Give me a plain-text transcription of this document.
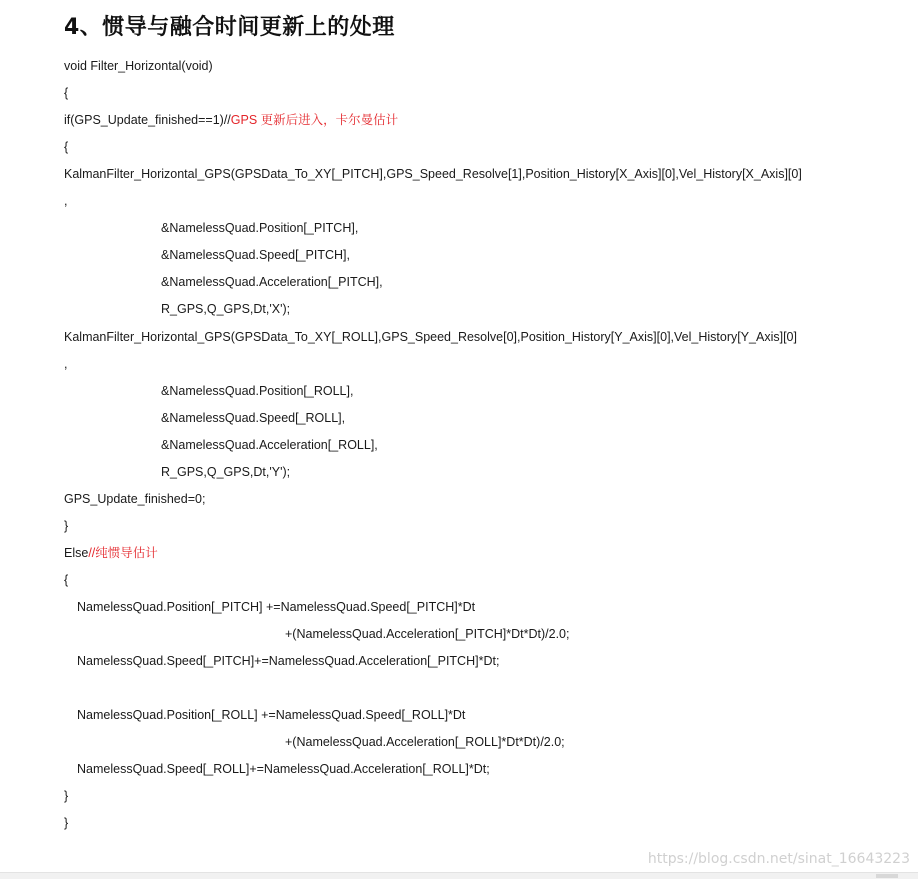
4、惯导与融合时间更新上的处理
void Filter_Horizontal(void)
{
if(GPS_Update_finished==1)//GPS 更新后进入，卡尔曼估计
{
KalmanFilter_Horizontal_GPS(GPSData_To_XY[_PITCH],GPS_Speed_Resolve[1],Position_History[X_Axis][0],Vel_History[X_Axis][0]
,
&NamelessQuad.Position[_PITCH],
&NamelessQuad.Speed[_PITCH],
&NamelessQuad.Acceleration[_PITCH],
R_GPS,Q_GPS,Dt,'X');
KalmanFilter_Horizontal_GPS(GPSData_To_XY[_ROLL],GPS_Speed_Resolve[0],Position_History[Y_Axis][0],Vel_History[Y_Axis][0]
,
&NamelessQuad.Position[_ROLL],
&NamelessQuad.Speed[_ROLL],
&NamelessQuad.Acceleration[_ROLL],
R_GPS,Q_GPS,Dt,'Y');
GPS_Update_finished=0;
}
Else//纯惯导估计
{
NamelessQuad.Position[_PITCH] +=NamelessQuad.Speed[_PITCH]*Dt
+(NamelessQuad.Acceleration[_PITCH]*Dt*Dt)/2.0;
NamelessQuad.Speed[_PITCH]+=NamelessQuad.Acceleration[_PITCH]*Dt;
NamelessQuad.Position[_ROLL] +=NamelessQuad.Speed[_ROLL]*Dt
+(NamelessQuad.Acceleration[_ROLL]*Dt*Dt)/2.0;
NamelessQuad.Speed[_ROLL]+=NamelessQuad.Acceleration[_ROLL]*Dt;
}
}
https://blog.csdn.net/sinat_16643223
